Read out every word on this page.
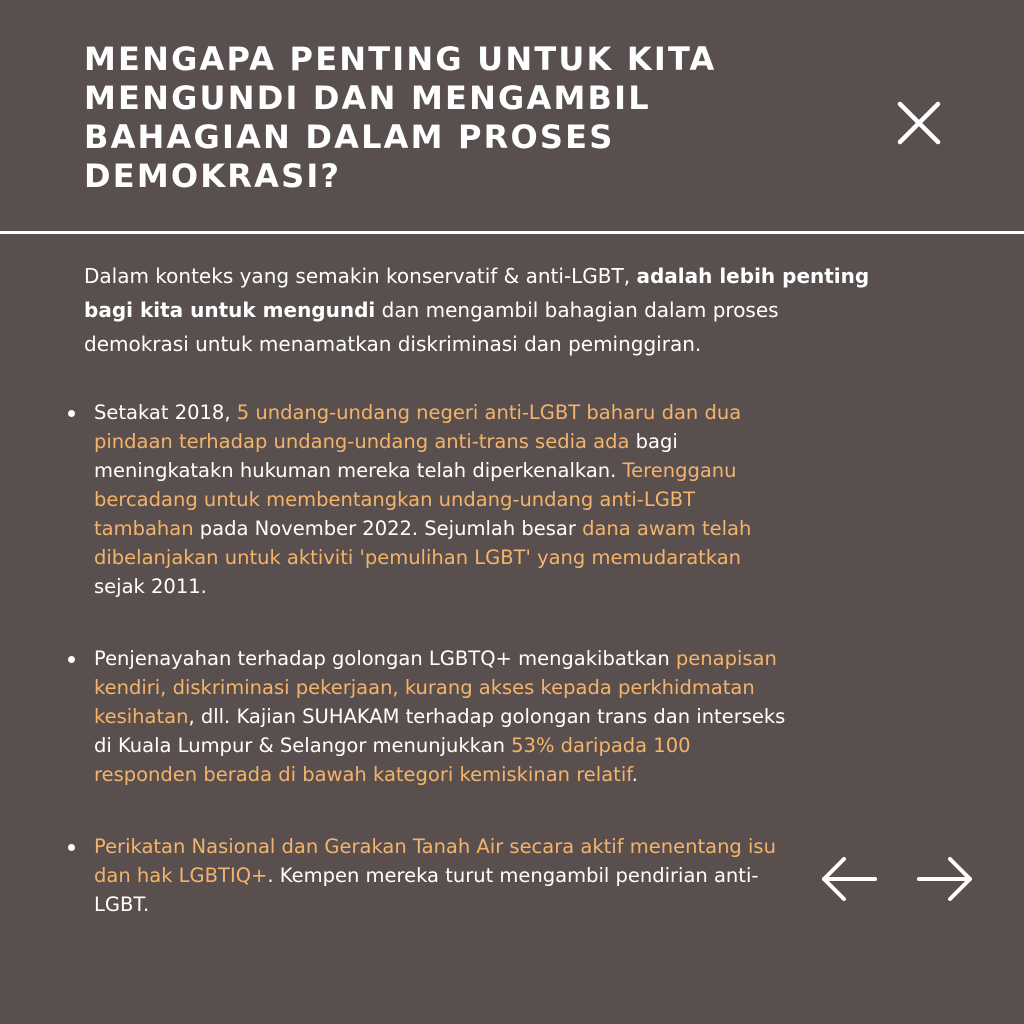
MENGAPA PENTING UNTUK KITA MENGUNDI DAN MENGAMBIL BAHAGIAN DALAM PROSES DEMOKRASI?

Dalam konteks yang semakin konservatif & anti-LGBT, adalah lebih penting bagi kita untuk mengundi dan mengambil bahagian dalam proses demokrasi untuk menamatkan diskriminasi dan peminggiran.

Setakat 2018, 5 undang-undang negeri anti-LGBT baharu dan dua pindaan terhadap undang-undang anti-trans sedia ada bagi meningkatakn hukuman mereka telah diperkenalkan. Terengganu bercadang untuk membentangkan undang-undang anti-LGBT tambahan pada November 2022. Sejumlah besar dana awam telah dibelanjakan untuk aktiviti 'pemulihan LGBT' yang memudaratkan sejak 2011.
Penjenayahan terhadap golongan LGBTQ+ mengakibatkan penapisan kendiri, diskriminasi pekerjaan, kurang akses kepada perkhidmatan kesihatan, dll. Kajian SUHAKAM terhadap golongan trans dan interseks di Kuala Lumpur & Selangor menunjukkan 53% daripada 100 responden berada di bawah kategori kemiskinan relatif.
Perikatan Nasional dan Gerakan Tanah Air secara aktif menentang isu dan hak LGBTIQ+. Kempen mereka turut mengambil pendirian anti-LGBT.
